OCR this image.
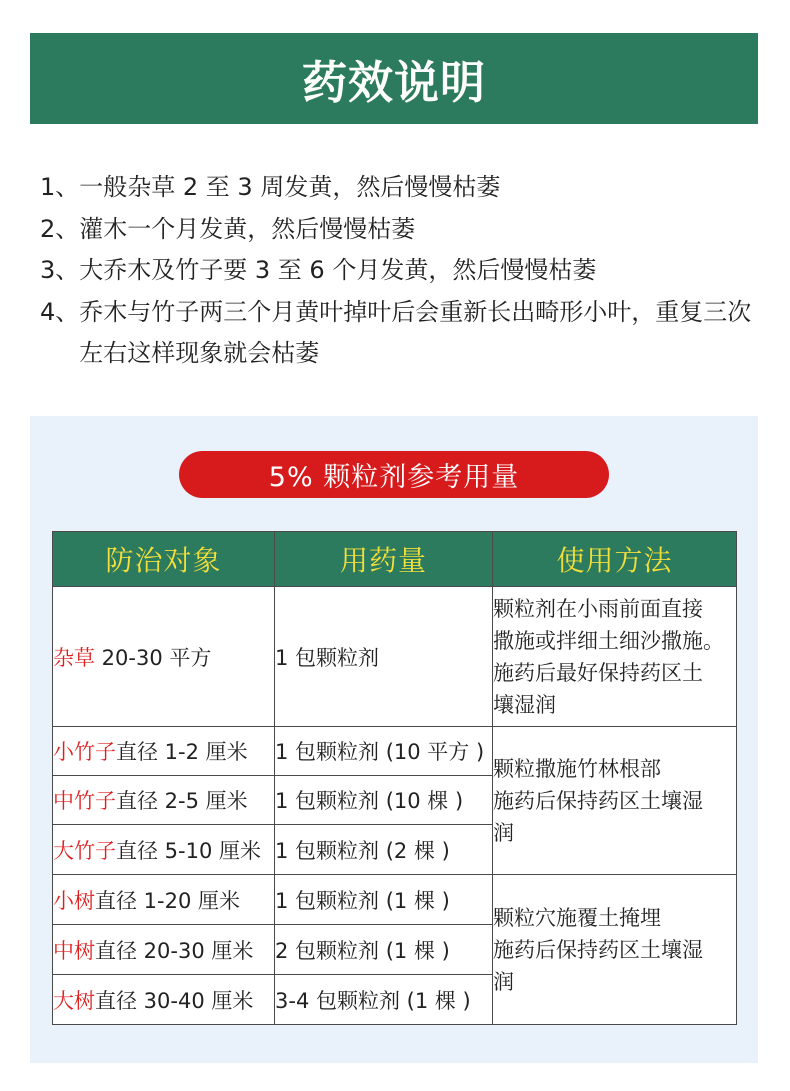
药效说明
1、 一般杂草 2 至 3 周发黄，然后慢慢枯萎
2、 灌木一个月发黄，然后慢慢枯萎
3、 大乔木及竹子要 3 至 6 个月发黄，然后慢慢枯萎
4、 乔木与竹子两三个月黄叶掉叶后会重新长出畸形小叶，重复三次
左右这样现象就会枯萎
5% 颗粒剂参考用量
防治对象	用药量	使用方法
杂草 20-30 平方	1 包颗粒剂	颗粒剂在小雨前面直接
撒施或拌细土细沙撒施。
施药后最好保持药区土
壤湿润

小竹子直径 1-2 厘米	1 包颗粒剂 (10 平方 )	颗粒撒施竹林根部
施药后保持药区土壤湿
润

中竹子直径 2-5 厘米	1 包颗粒剂 (10 棵 )	
大竹子直径 5-10 厘米	1 包颗粒剂 (2 棵 )	
小树直径 1-20 厘米	1 包颗粒剂 (1 棵 )	颗粒穴施覆土掩埋
施药后保持药区土壤湿
润

中树直径 20-30 厘米	2 包颗粒剂 (1 棵 )	
大树直径 30-40 厘米	3-4 包颗粒剂 (1 棵 )	
